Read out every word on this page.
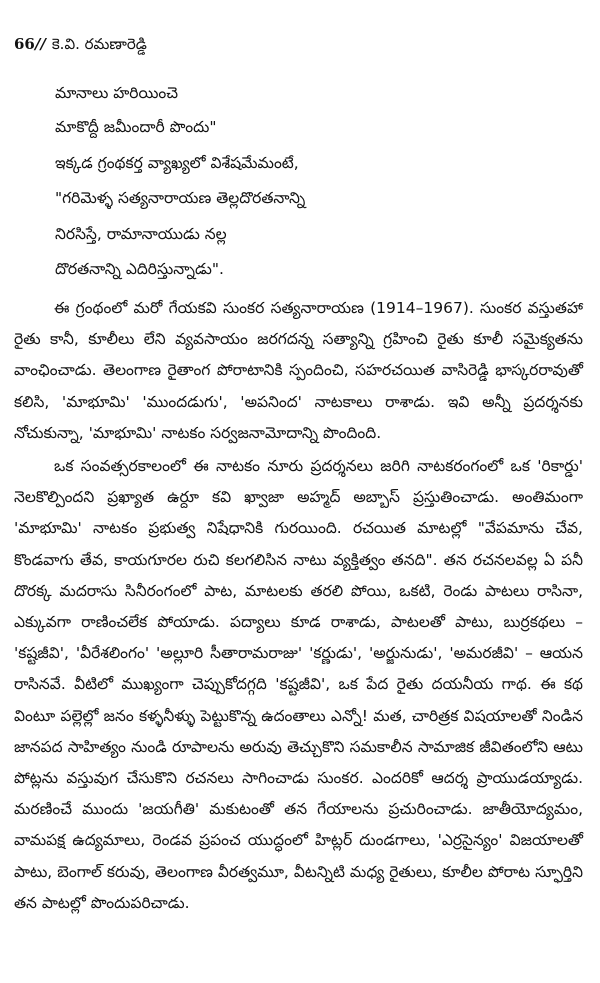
66// కె.వి. రమణారెడ్డి
మానాలు హరియించె
మాకొద్దీ జమీందారీ పొందు"
ఇక్కడ గ్రంథకర్త వ్యాఖ్యలో విశేషమేమంటే,
"గరిమెళ్ళ సత్యనారాయణ తెల్లదొరతనాన్ని
నిరసిస్తే, రామానాయుడు నల్ల
దొరతనాన్ని ఎదిరిస్తున్నాడు".

ఈ గ్రంథంలో మరో గేయకవి సుంకర సత్యనారాయణ (1914–1967). సుంకర వస్తుతహా రైతు కానీ, కూలీలు లేని వ్యవసాయం జరగదన్న సత్యాన్ని గ్రహించి రైతు కూలీ సమైక్యతను వాంఛించాడు. తెలంగాణ రైతాంగ పోరాటానికి స్పందించి, సహరచయిత వాసిరెడ్డి భాస్కరరావుతో కలిసి, 'మాభూమి' 'ముందడుగు', 'అపనింద' నాటకాలు రాశాడు. ఇవి అన్నీ ప్రదర్శనకు నోచుకున్నా, 'మాభూమి' నాటకం సర్వజనామోదాన్ని పొందింది.

ఒక సంవత్సరకాలంలో ఈ నాటకం నూరు ప్రదర్శనలు జరిగి నాటకరంగంలో ఒక 'రికార్డు' నెలకొల్పిందని ప్రఖ్యాత ఉర్దూ కవి ఖ్వాజా అహ్మద్ అబ్బాస్ ప్రస్తుతించాడు. అంతిమంగా 'మాభూమి' నాటకం ప్రభుత్వ నిషేధానికి గురయింది. రచయిత మాటల్లో "వేపమాను చేవ, కొండవాగు తేవ, కాయగూరల రుచి కలగలిసిన నాటు వ్యక్తిత్వం తనది". తన రచనలవల్ల ఏ పనీ దొరక్క మదరాసు సినీరంగంలో పాట, మాటలకు తరలి పోయి, ఒకటి, రెండు పాటలు రాసినా, ఎక్కువగా రాణించలేక పోయాడు. పద్యాలు కూడ రాశాడు, పాటలతో పాటు, బుర్రకథలు – 'కష్టజీవి', 'వీరేశలింగం' 'అల్లూరి సీతారామరాజు' 'కర్ణుడు', 'అర్జునుడు', 'అమరజీవి' – ఆయన రాసినవే. వీటిలో ముఖ్యంగా చెప్పుకోదగ్గది 'కష్టజీవి', ఒక పేద రైతు దయనీయ గాథ. ఈ కథ వింటూ పల్లెల్లో జనం కళ్ళనీళ్ళు పెట్టుకొన్న ఉదంతాలు ఎన్నో! మత, చారిత్రక విషయాలతో నిండిన జానపద సాహిత్యం నుండి రూపాలను అరువు తెచ్చుకొని సమకాలీన సామాజిక జీవితంలోని ఆటు పోట్లను వస్తువుగ చేసుకొని రచనలు సాగించాడు సుంకర. ఎందరికో ఆదర్శ ప్రాయుడయ్యాడు. మరణించే ముందు 'జయగీతి' మకుటంతో తన గేయాలను ప్రచురించాడు. జాతీయోద్యమం, వామపక్ష ఉద్యమాలు, రెండవ ప్రపంచ యుద్ధంలో హిట్లర్ దుండగాలు, 'ఎర్రసైన్యం' విజయాలతో పాటు, బెంగాల్ కరువు, తెలంగాణ వీరత్వమూ, వీటన్నిటి మధ్య రైతులు, కూలీల పోరాట స్ఫూర్తిని తన పాటల్లో పొందుపరిచాడు.
